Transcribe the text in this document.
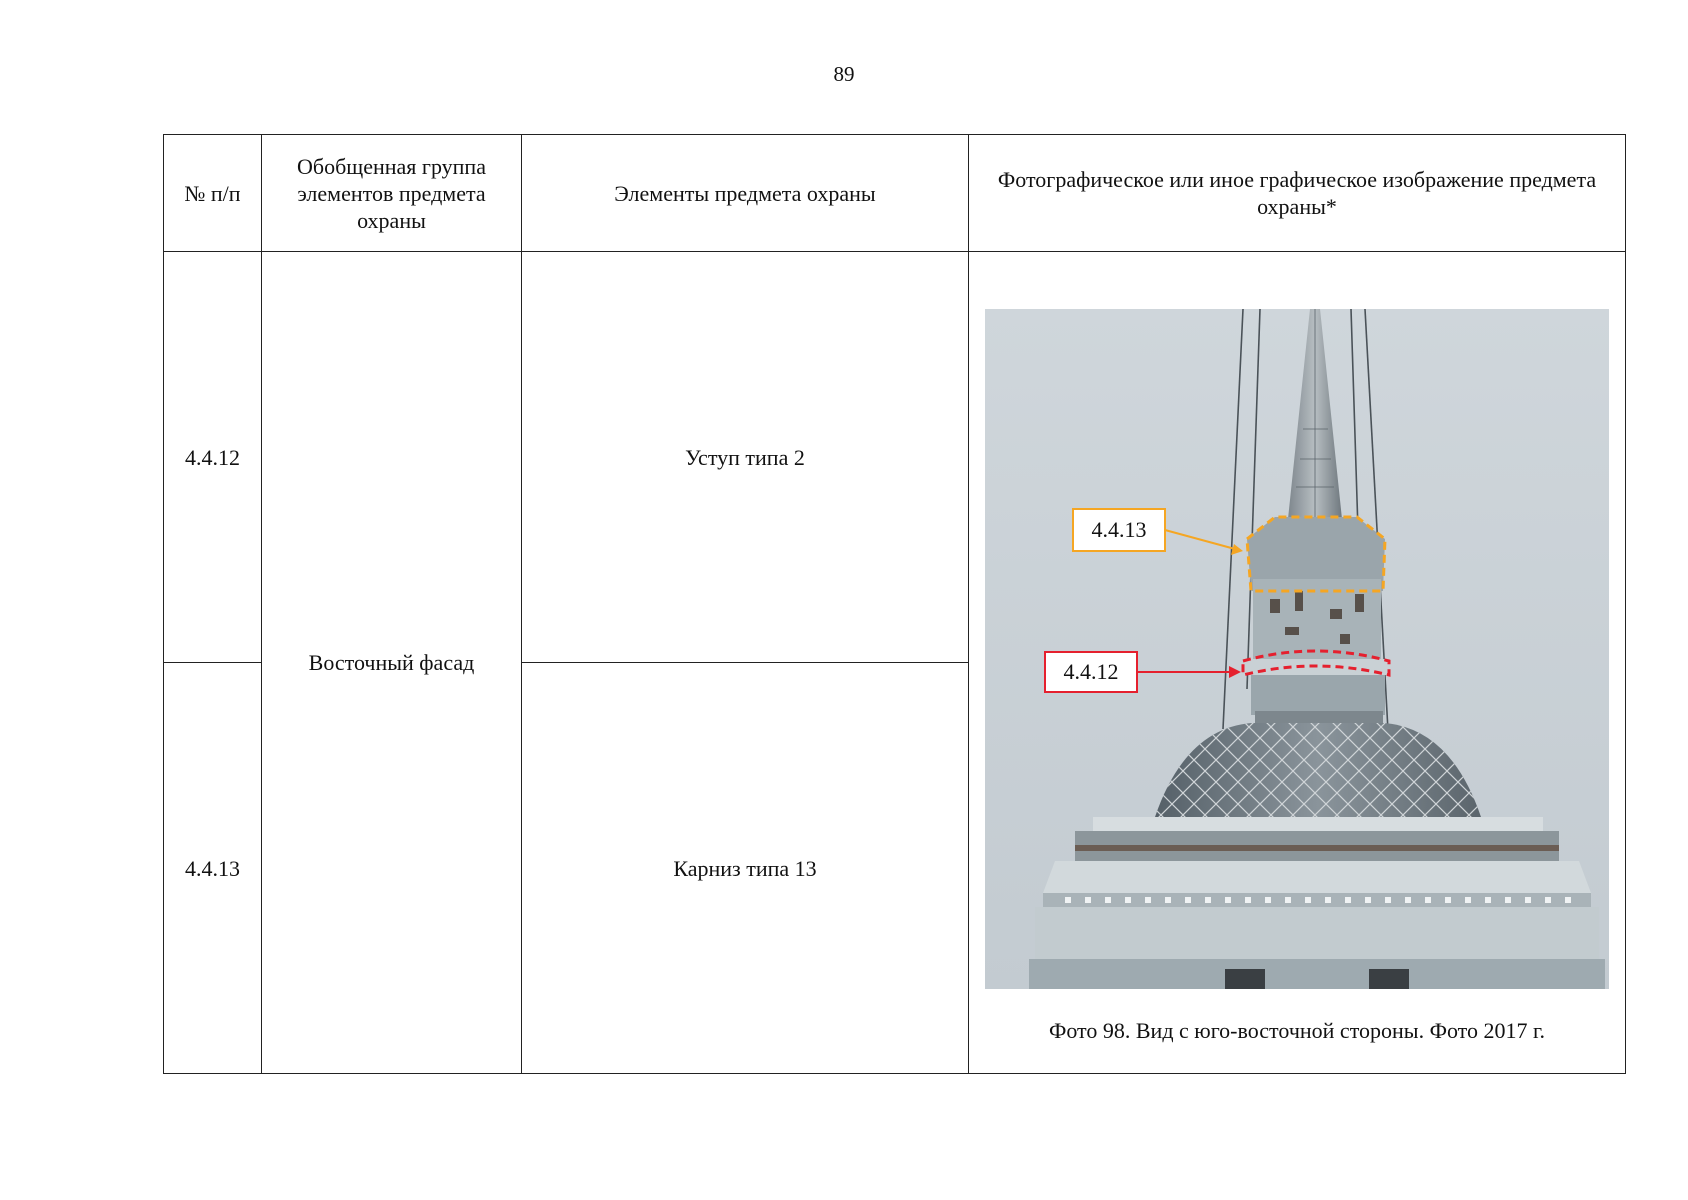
89
№ п/п	Обобщенная группа элементов предмета охраны	Элементы предмета охраны	Фотографическое или иное графическое изображение предмета охраны*
4.4.12	Восточный фасад	Уступ типа 2	4.4.13
4.4.12
Фото 98. Вид с юго-восточной стороны. Фото 2017 г.

4.4.13		Карниз типа 13	
